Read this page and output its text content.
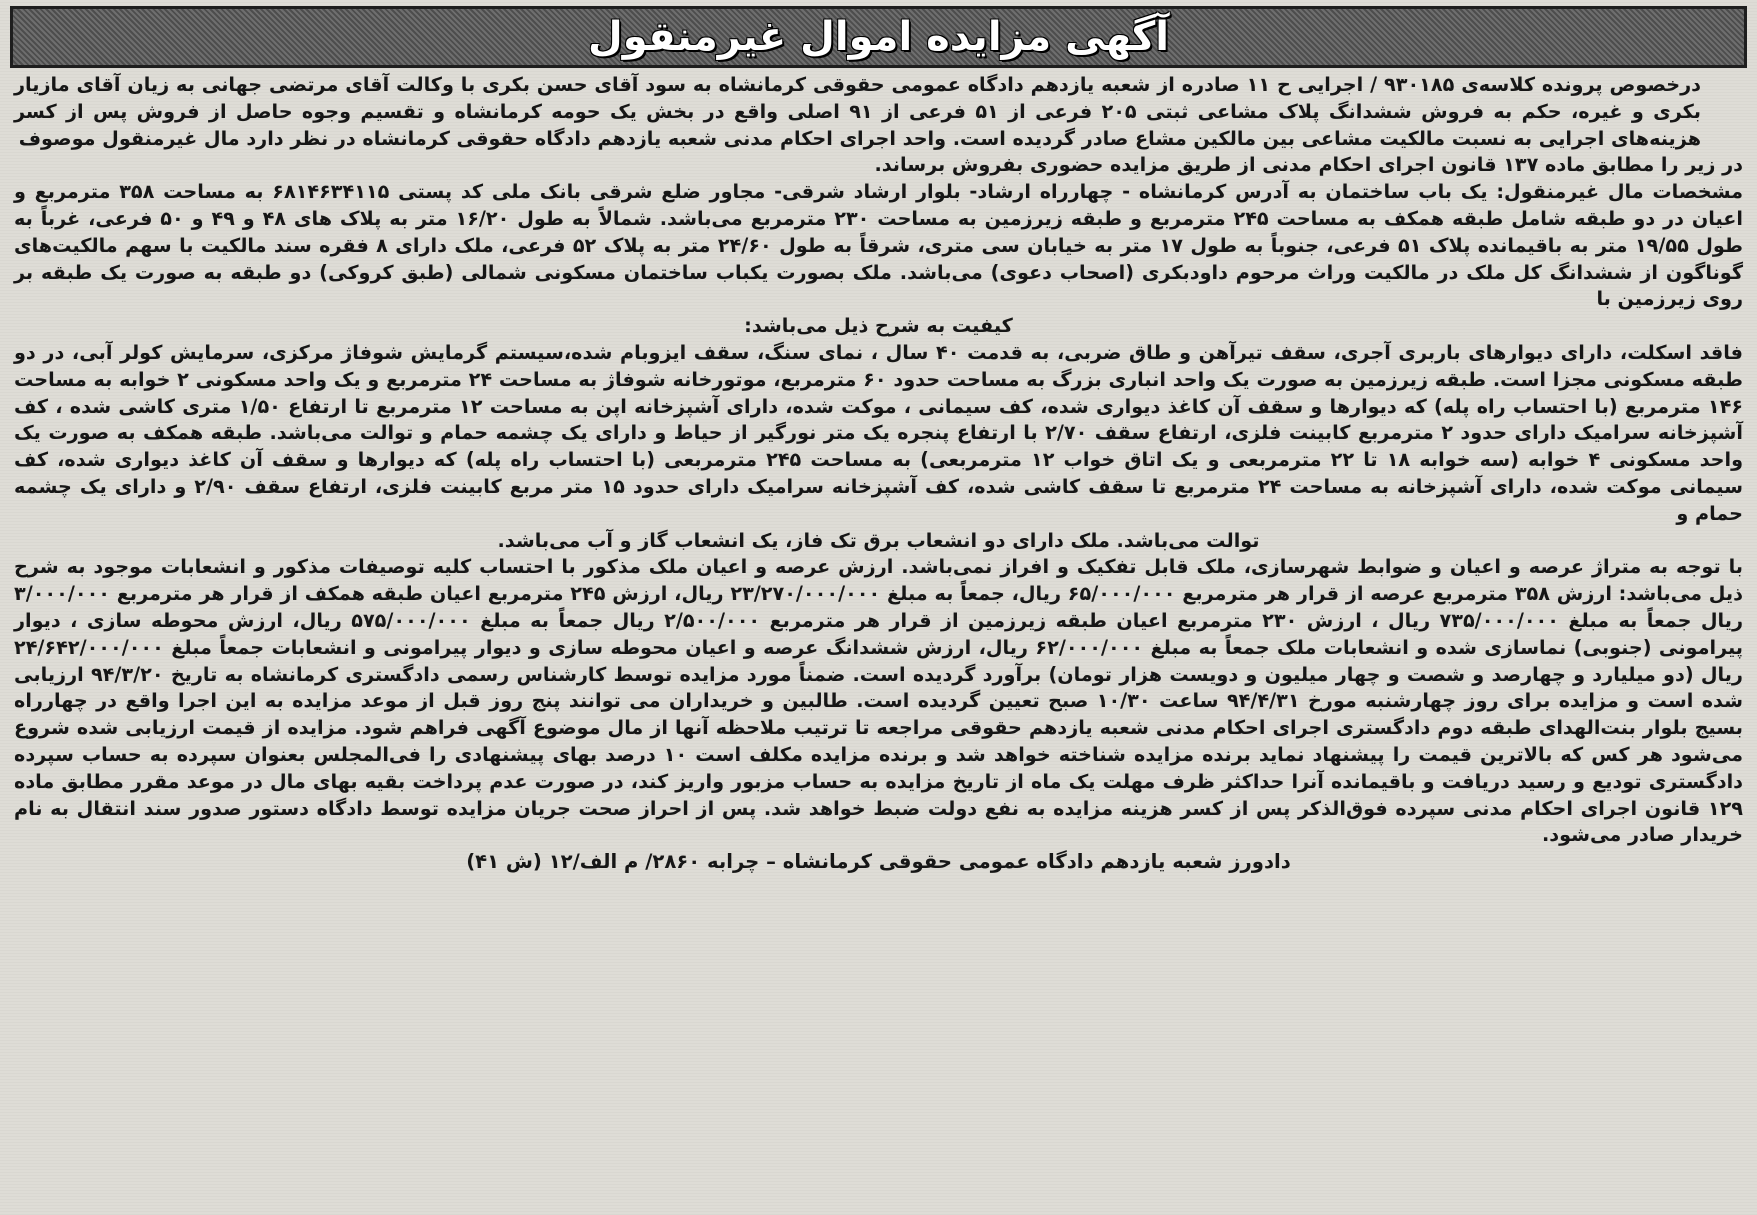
آگهی مزایده اموال غیرمنقول

درخصوص پرونده کلاسه‌ی ۹۳۰۱۸۵ / اجرایی ح ۱۱ صادره از شعبه یازدهم دادگاه عمومی حقوقی کرمانشاه به سود آقای حسن بکری با وکالت آقای مرتضی جهانی به زیان آقای مازیار بکری و غیره، حکم به فروش ششدانگ پلاک مشاعی ثبتی ۲۰۵ فرعی از ۵۱ فرعی از ۹۱ اصلی واقع در بخش یک حومه کرمانشاه و تقسیم وجوه حاصل از فروش پس از کسر هزینه‌های اجرایی به نسبت مالکیت مشاعی بین مالکین مشاع صادر گردیده است. واحد اجرای احکام مدنی شعبه یازدهم دادگاه حقوقی کرمانشاه در نظر دارد مال غیرمنقول موصوف

در زیر را مطابق ماده ۱۳۷ قانون اجرای احکام مدنی از طریق مزایده حضوری بفروش برساند.

مشخصات مال غیرمنقول: یک باب ساختمان به آدرس کرمانشاه - چهارراه ارشاد- بلوار ارشاد شرقی- مجاور ضلع شرقی بانک ملی کد پستی ۶۸۱۴۶۳۴۱۱۵ به مساحت ۳۵۸ مترمربع و اعیان در دو طبقه شامل طبقه همکف به مساحت ۲۴۵ مترمربع و طبقه زیرزمین به مساحت ۲۳۰ مترمربع می‌باشد. شمالاً به طول ۱۶/۲۰ متر به پلاک های ۴۸ و ۴۹ و ۵۰ فرعی، غرباً به طول ۱۹/۵۵ متر به باقیمانده پلاک ۵۱ فرعی، جنوباً به طول ۱۷ متر به خیابان سی متری، شرقاً به طول ۲۴/۶۰ متر به پلاک ۵۲ فرعی، ملک دارای ۸ فقره سند مالکیت با سهم مالکیت‌های گوناگون از ششدانگ کل ملک در مالکیت وراث مرحوم داودبکری (اصحاب دعوی) می‌باشد. ملک بصورت یکباب ساختمان مسکونی شمالی (طبق کروکی) دو طبقه به صورت یک طبقه بر روی زیرزمین با

کیفیت به شرح ذیل می‌باشد:

فاقد اسکلت، دارای دیوارهای باربری آجری، سقف تیرآهن و طاق ضربی، به قدمت ۴۰ سال ، نمای سنگ، سقف ایزوبام شده،سیستم گرمایش شوفاژ مرکزی، سرمایش کولر آبی، در دو طبقه مسکونی مجزا است. طبقه زیرزمین به صورت یک واحد انباری بزرگ به مساحت حدود ۶۰ مترمربع، موتورخانه شوفاژ به مساحت ۲۴ مترمربع و یک واحد مسکونی ۲ خوابه به مساحت ۱۴۶ مترمربع (با احتساب راه پله) که دیوارها و سقف آن کاغذ دیواری شده، کف سیمانی ، موکت شده، دارای آشپزخانه اپن به مساحت ۱۲ مترمربع تا ارتفاع ۱/۵۰ متری کاشی شده ، کف آشپزخانه سرامیک دارای حدود ۲ مترمربع کابینت فلزی، ارتفاع سقف ۲/۷۰ با ارتفاع پنجره یک متر نورگیر از حیاط و دارای یک چشمه حمام و توالت می‌باشد. طبقه همکف به صورت یک واحد مسکونی ۴ خوابه (سه خوابه ۱۸ تا ۲۲ مترمربعی و یک اتاق خواب ۱۲ مترمربعی) به مساحت ۲۴۵ مترمربعی (با احتساب راه پله) که دیوارها و سقف آن کاغذ دیواری شده، کف سیمانی موکت شده، دارای آشپزخانه به مساحت ۲۴ مترمربع تا سقف کاشی شده، کف آشپزخانه سرامیک دارای حدود ۱۵ متر مربع کابینت فلزی، ارتفاع سقف ۲/۹۰ و دارای یک چشمه حمام و

توالت می‌باشد. ملک دارای دو انشعاب برق تک فاز، یک انشعاب گاز و آب می‌باشد.

با توجه به متراژ عرصه و اعیان و ضوابط شهرسازی، ملک قابل تفکیک و افراز نمی‌باشد. ارزش عرصه و اعیان ملک مذکور با احتساب کلیه توصیفات مذکور و انشعابات موجود به شرح ذیل می‌باشد: ارزش ۳۵۸ مترمربع عرصه از قرار هر مترمربع ۶۵/۰۰۰/۰۰۰ ریال، جمعاً به مبلغ ۲۳/۲۷۰/۰۰۰/۰۰۰ ریال، ارزش ۲۴۵ مترمربع اعیان طبقه همکف از قرار هر مترمربع ۳/۰۰۰/۰۰۰ ریال جمعاً به مبلغ ۷۳۵/۰۰۰/۰۰۰ ریال ، ارزش ۲۳۰ مترمربع اعیان طبقه زیرزمین از قرار هر مترمربع ۲/۵۰۰/۰۰۰ ریال جمعاً به مبلغ ۵۷۵/۰۰۰/۰۰۰ ریال، ارزش محوطه سازی ، دیوار پیرامونی (جنوبی) نماسازی شده و انشعابات ملک جمعاً به مبلغ ۶۲/۰۰۰/۰۰۰ ریال، ارزش ششدانگ عرصه و اعیان محوطه سازی و دیوار پیرامونی و انشعابات جمعاً مبلغ ۲۴/۶۴۲/۰۰۰/۰۰۰ ریال (دو میلیارد و چهارصد و شصت و چهار میلیون و دویست هزار تومان) برآورد گردیده است. ضمناً مورد مزایده توسط کارشناس رسمی دادگستری کرمانشاه به تاریخ ۹۴/۳/۲۰ ارزیابی شده است و مزایده برای روز چهارشنبه مورخ ۹۴/۴/۳۱ ساعت ۱۰/۳۰ صبح تعیین گردیده است. طالبین و خریداران می توانند پنج روز قبل از موعد مزایده به این اجرا واقع در چهارراه بسیج بلوار بنت‌الهدای طبقه دوم دادگستری اجرای احکام مدنی شعبه یازدهم حقوقی مراجعه تا ترتیب ملاحظه آنها از مال موضوع آگهی فراهم شود. مزایده از قیمت ارزیابی شده شروع می‌شود هر کس که بالاترین قیمت را پیشنهاد نماید برنده مزایده شناخته خواهد شد و برنده مزایده مکلف است ۱۰ درصد بهای پیشنهادی را فی‌المجلس بعنوان سپرده به حساب سپرده دادگستری تودیع و رسید دریافت و باقیمانده آنرا حداکثر ظرف مهلت یک ماه از تاریخ مزایده به حساب مزبور واریز کند، در صورت عدم پرداخت بقیه بهای مال در موعد مقرر مطابق ماده ۱۲۹ قانون اجرای احکام مدنی سپرده فوق‌الذکر پس از کسر هزینه مزایده به نفع دولت ضبط خواهد شد. پس از احراز صحت جریان مزایده توسط دادگاه دستور صدور سند انتقال به نام خریدار صادر می‌شود.

دادورز شعبه یازدهم دادگاه عمومی حقوقی کرمانشاه – چرابه ۲۸۶۰/ م الف/۱۲ (ش ۴۱)
